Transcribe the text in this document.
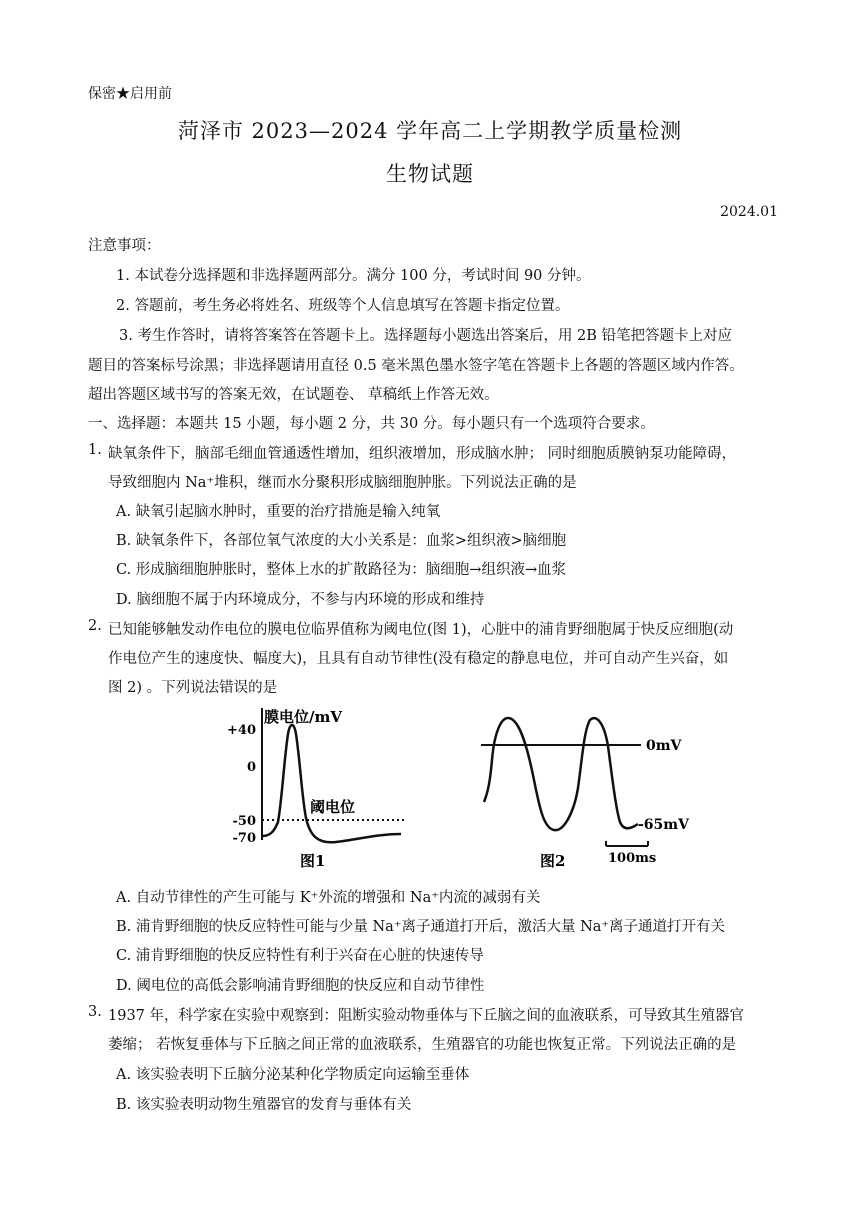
保密★启用前
菏泽市 2023—2024 学年高二上学期教学质量检测
生物试题
2024.01
注意事项：
1. 本试卷分选择题和非选择题两部分。满分 100 分，考试时间 90 分钟。
2. 答题前，考生务必将姓名、班级等个人信息填写在答题卡指定位置。
3. 考生作答时，请将答案答在答题卡上。选择题每小题选出答案后，用 2B 铅笔把答题卡上对应
题目的答案标号涂黑；非选择题请用直径 0.5 毫米黑色墨水签字笔在答题卡上各题的答题区域内作答。
超出答题区域书写的答案无效，在试题卷、 草稿纸上作答无效。
一、选择题：本题共 15 小题，每小题 2 分，共 30 分。每小题只有一个选项符合要求。
1. 缺氧条件下，脑部毛细血管通透性增加，组织液增加，形成脑水肿； 同时细胞质膜钠泵功能障碍，
导致细胞内 Na⁺堆积，继而水分聚积形成脑细胞肿胀。下列说法正确的是
A. 缺氧引起脑水肿时，重要的治疗措施是输入纯氧
B. 缺氧条件下，各部位氧气浓度的大小关系是：血浆>组织液>脑细胞
C. 形成脑细胞肿胀时，整体上水的扩散路径为：脑细胞→组织液→血浆
D. 脑细胞不属于内环境成分，不参与内环境的形成和维持
2. 已知能够触发动作电位的膜电位临界值称为阈电位(图 1)，心脏中的浦肯野细胞属于快反应细胞(动
作电位产生的速度快、幅度大)，且具有自动节律性(没有稳定的静息电位，并可自动产生兴奋，如
图 2) 。下列说法错误的是
膜电位/mV
+40
0
-50
-70
阈电位
图1
0mV
-65mV
100ms
图2
A. 自动节律性的产生可能与 K⁺外流的增强和 Na⁺内流的减弱有关
B. 浦肯野细胞的快反应特性可能与少量 Na⁺离子通道打开后，激活大量 Na⁺离子通道打开有关
C. 浦肯野细胞的快反应特性有利于兴奋在心脏的快速传导
D. 阈电位的高低会影响浦肯野细胞的快反应和自动节律性
3. 1937 年，科学家在实验中观察到：阻断实验动物垂体与下丘脑之间的血液联系，可导致其生殖器官
萎缩； 若恢复垂体与下丘脑之间正常的血液联系，生殖器官的功能也恢复正常。下列说法正确的是
A. 该实验表明下丘脑分泌某种化学物质定向运输至垂体
B. 该实验表明动物生殖器官的发育与垂体有关
